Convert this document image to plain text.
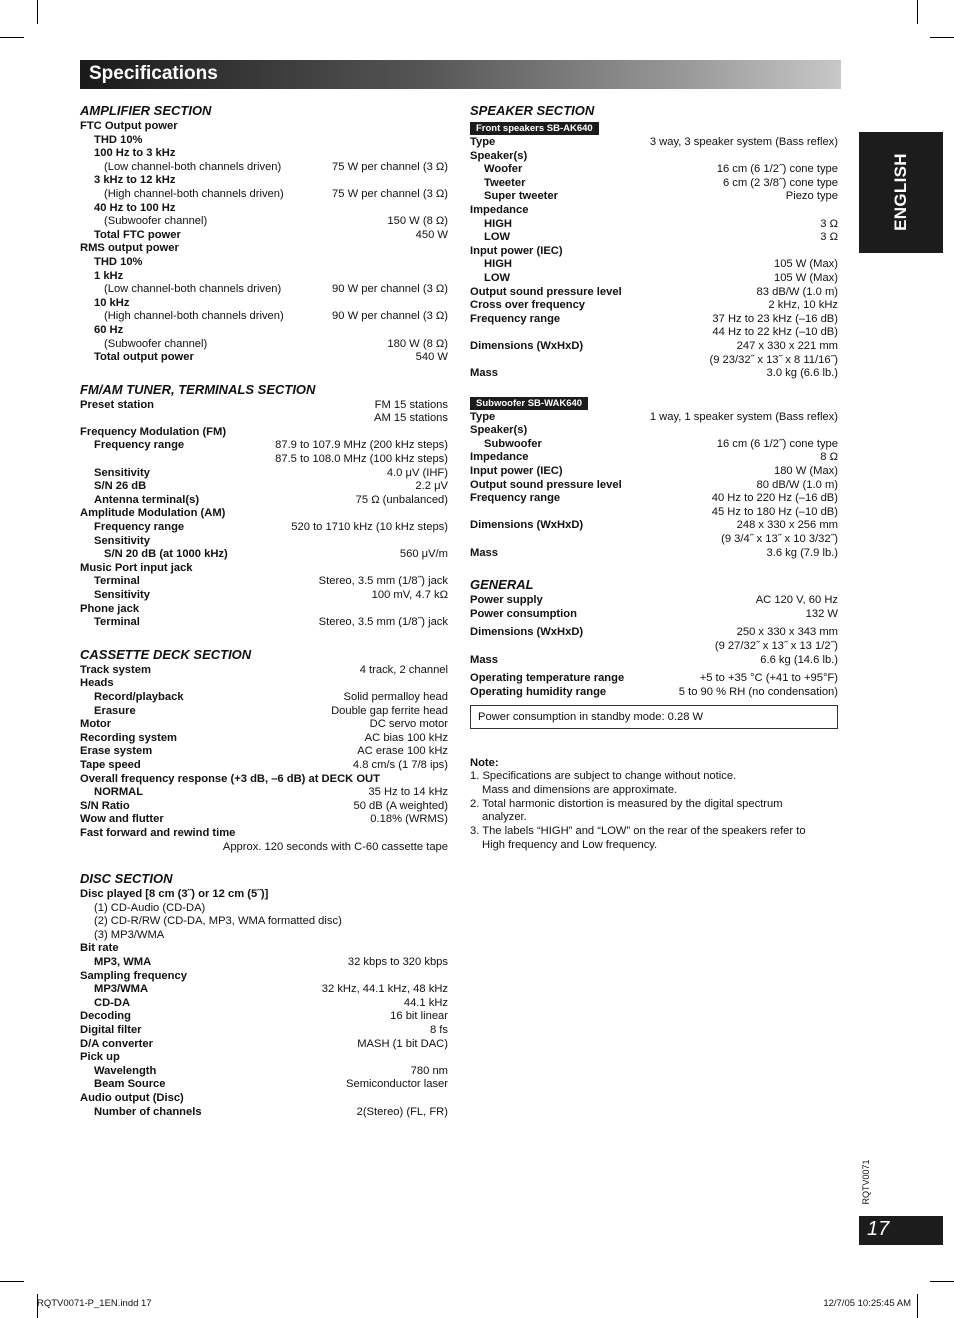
Specifications
ENGLISH
RQTV0071
17
AMPLIFIER SECTION
FTC Output power
THD 10%
100 Hz to 3 kHz
(Low channel-both channels driven)	75 W per channel (3 Ω)
3 kHz to 12 kHz
(High channel-both channels driven)	75 W per channel (3 Ω)
40 Hz to 100 Hz
(Subwoofer channel)	150 W (8 Ω)
Total FTC power	450 W
RMS output power
THD 10%
1 kHz
(Low channel-both channels driven)	90 W per channel (3 Ω)
10 kHz
(High channel-both channels driven)	90 W per channel (3 Ω)
60 Hz
(Subwoofer channel)	180 W (8 Ω)
Total output power	540 W
FM/AM TUNER, TERMINALS SECTION
Preset station	FM 15 stations
AM 15 stations
Frequency Modulation (FM)
Frequency range	87.9 to 107.9 MHz (200 kHz steps)
87.5 to 108.0 MHz (100 kHz steps)
Sensitivity	4.0 μV (IHF)
S/N 26 dB	2.2 μV
Antenna terminal(s)	75 Ω (unbalanced)
Amplitude Modulation (AM)
Frequency range	520 to 1710 kHz (10 kHz steps)
Sensitivity
S/N 20 dB (at 1000 kHz)	560 μV/m
Music Port input jack
Terminal	Stereo, 3.5 mm (1/8˝) jack
Sensitivity	100 mV, 4.7 kΩ
Phone jack
Terminal	Stereo, 3.5 mm (1/8˝) jack
CASSETTE DECK SECTION
Track system	4 track, 2 channel
Heads
Record/playback	Solid permalloy head
Erasure	Double gap ferrite head
Motor	DC servo motor
Recording system	AC bias 100 kHz
Erase system	AC erase 100 kHz
Tape speed	4.8 cm/s (1 7/8 ips)
Overall frequency response (+3 dB, –6 dB) at DECK OUT
NORMAL	35 Hz to 14 kHz
S/N Ratio	50 dB (A weighted)
Wow and flutter	0.18% (WRMS)
Fast forward and rewind time
Approx. 120 seconds with C-60 cassette tape
DISC SECTION
Disc played [8 cm (3˝) or 12 cm (5˝)]
(1) CD-Audio (CD-DA)
(2) CD-R/RW (CD-DA, MP3, WMA formatted disc)
(3) MP3/WMA
Bit rate
MP3, WMA	32 kbps to 320 kbps
Sampling frequency
MP3/WMA	32 kHz, 44.1 kHz, 48 kHz
CD-DA	44.1 kHz
Decoding	16 bit linear
Digital filter	8 fs
D/A converter	MASH (1 bit DAC)
Pick up
Wavelength	780 nm
Beam Source	Semiconductor laser
Audio output (Disc)
Number of channels	2(Stereo) (FL, FR)
SPEAKER SECTION
Front speakers SB-AK640
Type	3 way, 3 speaker system (Bass reflex)
Speaker(s)
Woofer	16 cm (6 1/2˝) cone type
Tweeter	6 cm (2 3/8˝) cone type
Super tweeter	Piezo type
Impedance
HIGH	3 Ω
LOW	3 Ω
Input power (IEC)
HIGH	105 W (Max)
LOW	105 W (Max)
Output sound pressure level	83 dB/W (1.0 m)
Cross over frequency	2 kHz, 10 kHz
Frequency range	37 Hz to 23 kHz (–16 dB)
44 Hz to 22 kHz (–10 dB)
Dimensions (WxHxD)	247 x 330 x 221 mm
(9 23/32˝ x 13˝ x 8 11/16˝)
Mass	3.0 kg (6.6 lb.)
Subwoofer SB-WAK640
Type	1 way, 1 speaker system (Bass reflex)
Speaker(s)
Subwoofer	16 cm (6 1/2˝) cone type
Impedance	8 Ω
Input power (IEC)	180 W (Max)
Output sound pressure level	80 dB/W (1.0 m)
Frequency range	40 Hz to 220 Hz (–16 dB)
45 Hz to 180 Hz (–10 dB)
Dimensions (WxHxD)	248 x 330 x 256 mm
(9 3/4˝ x 13˝ x 10 3/32˝)
Mass	3.6 kg (7.9 lb.)
GENERAL
Power supply	AC 120 V, 60 Hz
Power consumption	132 W
Dimensions (WxHxD)	250 x 330 x 343 mm
(9 27/32˝ x 13˝ x 13 1/2˝)
Mass	6.6 kg (14.6 lb.)
Operating temperature range	+5 to +35 °C (+41 to +95°F)
Operating humidity range	5 to 90 % RH (no condensation)
Power consumption in standby mode: 0.28 W
Note:
1. Specifications are subject to change without notice.
Mass and dimensions are approximate.
2. Total harmonic distortion is measured by the digital spectrum
analyzer.
3. The labels “HIGH” and “LOW” on the rear of the speakers refer to
High frequency and Low frequency.
RQTV0071-P_1EN.indd 17	12/7/05 10:25:45 AM
